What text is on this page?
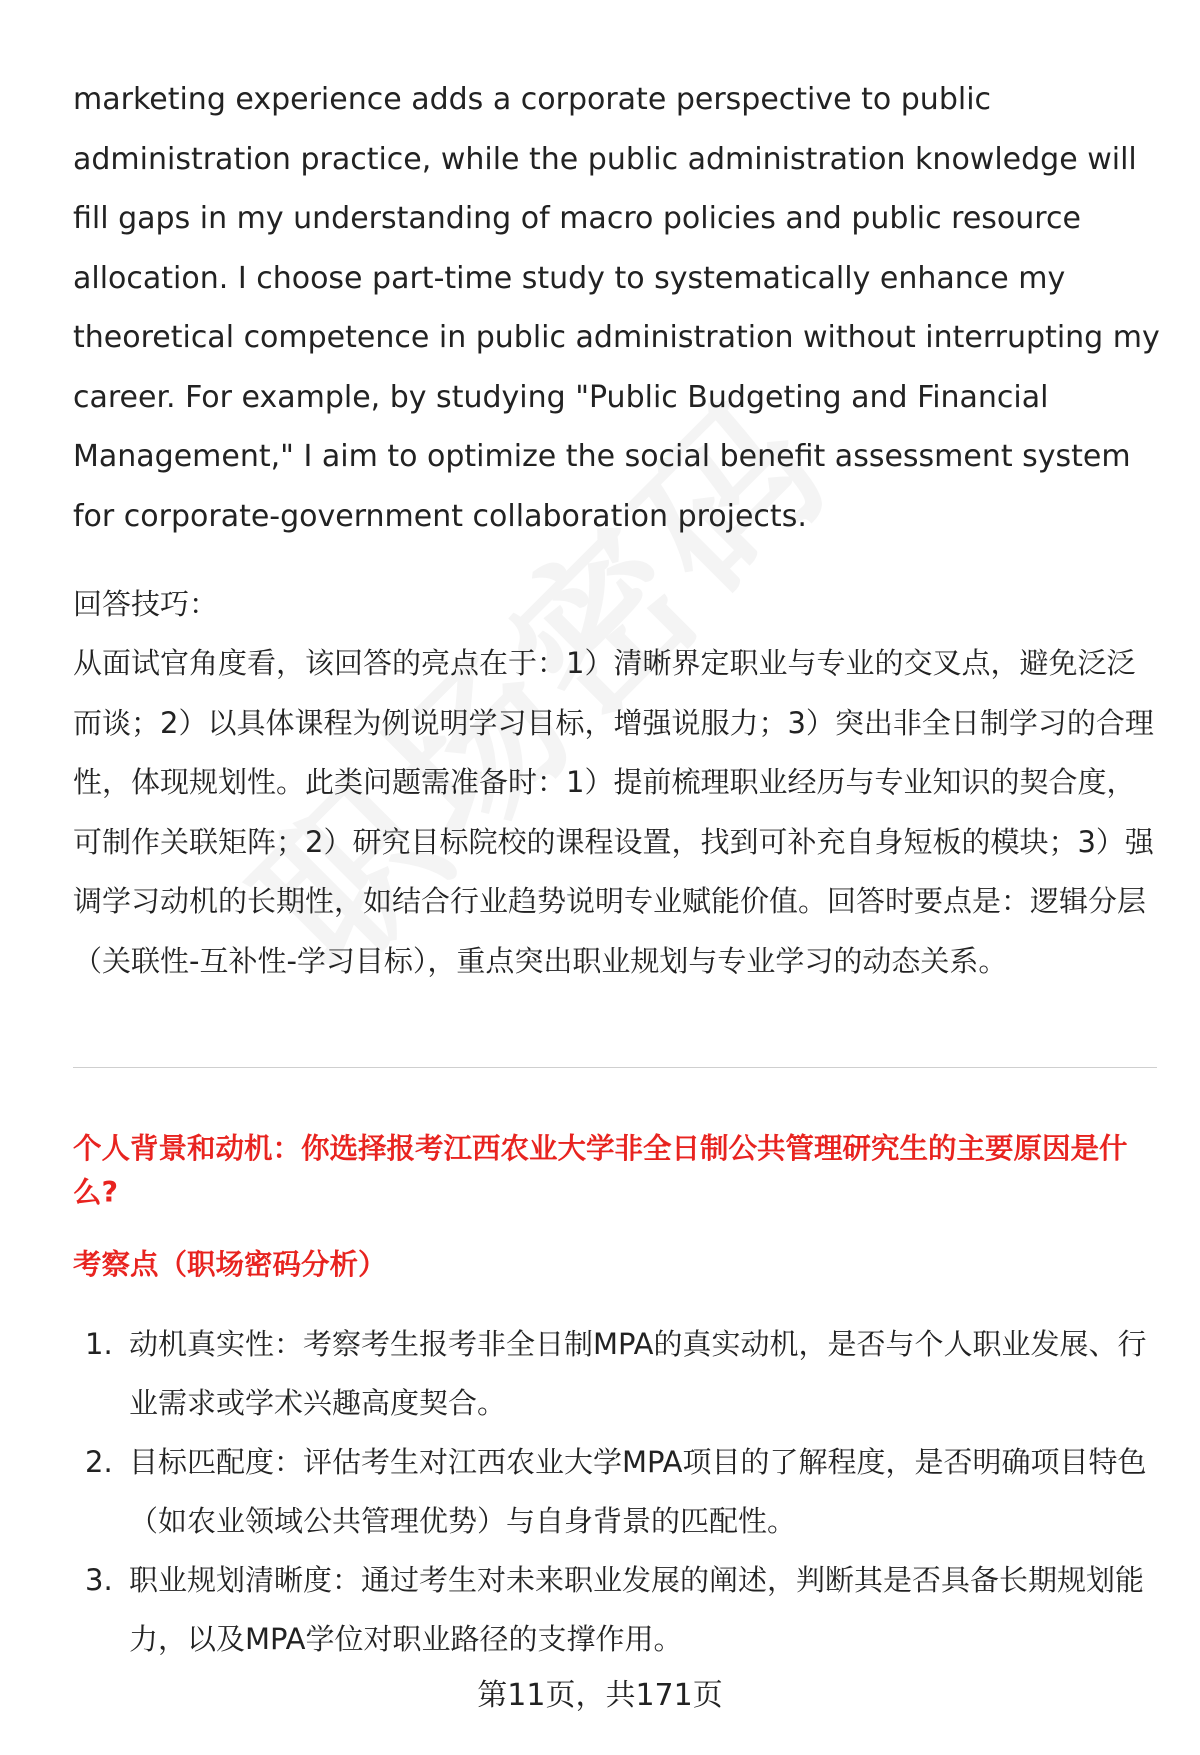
marketing experience adds a corporate perspective to public administration practice, while the public administration knowledge will fill gaps in my understanding of macro policies and public resource allocation. I choose part-time study to systematically enhance my theoretical competence in public administration without interrupting my career. For example, by studying "Public Budgeting and Financial Management," I aim to optimize the social benefit assessment system for corporate-government collaboration projects.

回答技巧：

从面试官角度看，该回答的亮点在于：1）清晰界定职业与专业的交叉点，避免泛泛而谈；2）以具体课程为例说明学习目标，增强说服力；3）突出非全日制学习的合理性，体现规划性。此类问题需准备时：1）提前梳理职业经历与专业知识的契合度，可制作关联矩阵；2）研究目标院校的课程设置，找到可补充自身短板的模块；3）强调学习动机的长期性，如结合行业趋势说明专业赋能价值。回答时要点是：逻辑分层（关联性-互补性-学习目标），重点突出职业规划与专业学习的动态关系。

个人背景和动机：你选择报考江西农业大学非全日制公共管理研究生的主要原因是什么?
考察点（职场密码分析）
1. 动机真实性：考察考生报考非全日制MPA的真实动机，是否与个人职业发展、行业需求或学术兴趣高度契合。
2. 目标匹配度：评估考生对江西农业大学MPA项目的了解程度，是否明确项目特色（如农业领域公共管理优势）与自身背景的匹配性。
3. 职业规划清晰度：通过考生对未来职业发展的阐述，判断其是否具备长期规划能力，以及MPA学位对职业路径的支撑作用。
第11页，共171页
